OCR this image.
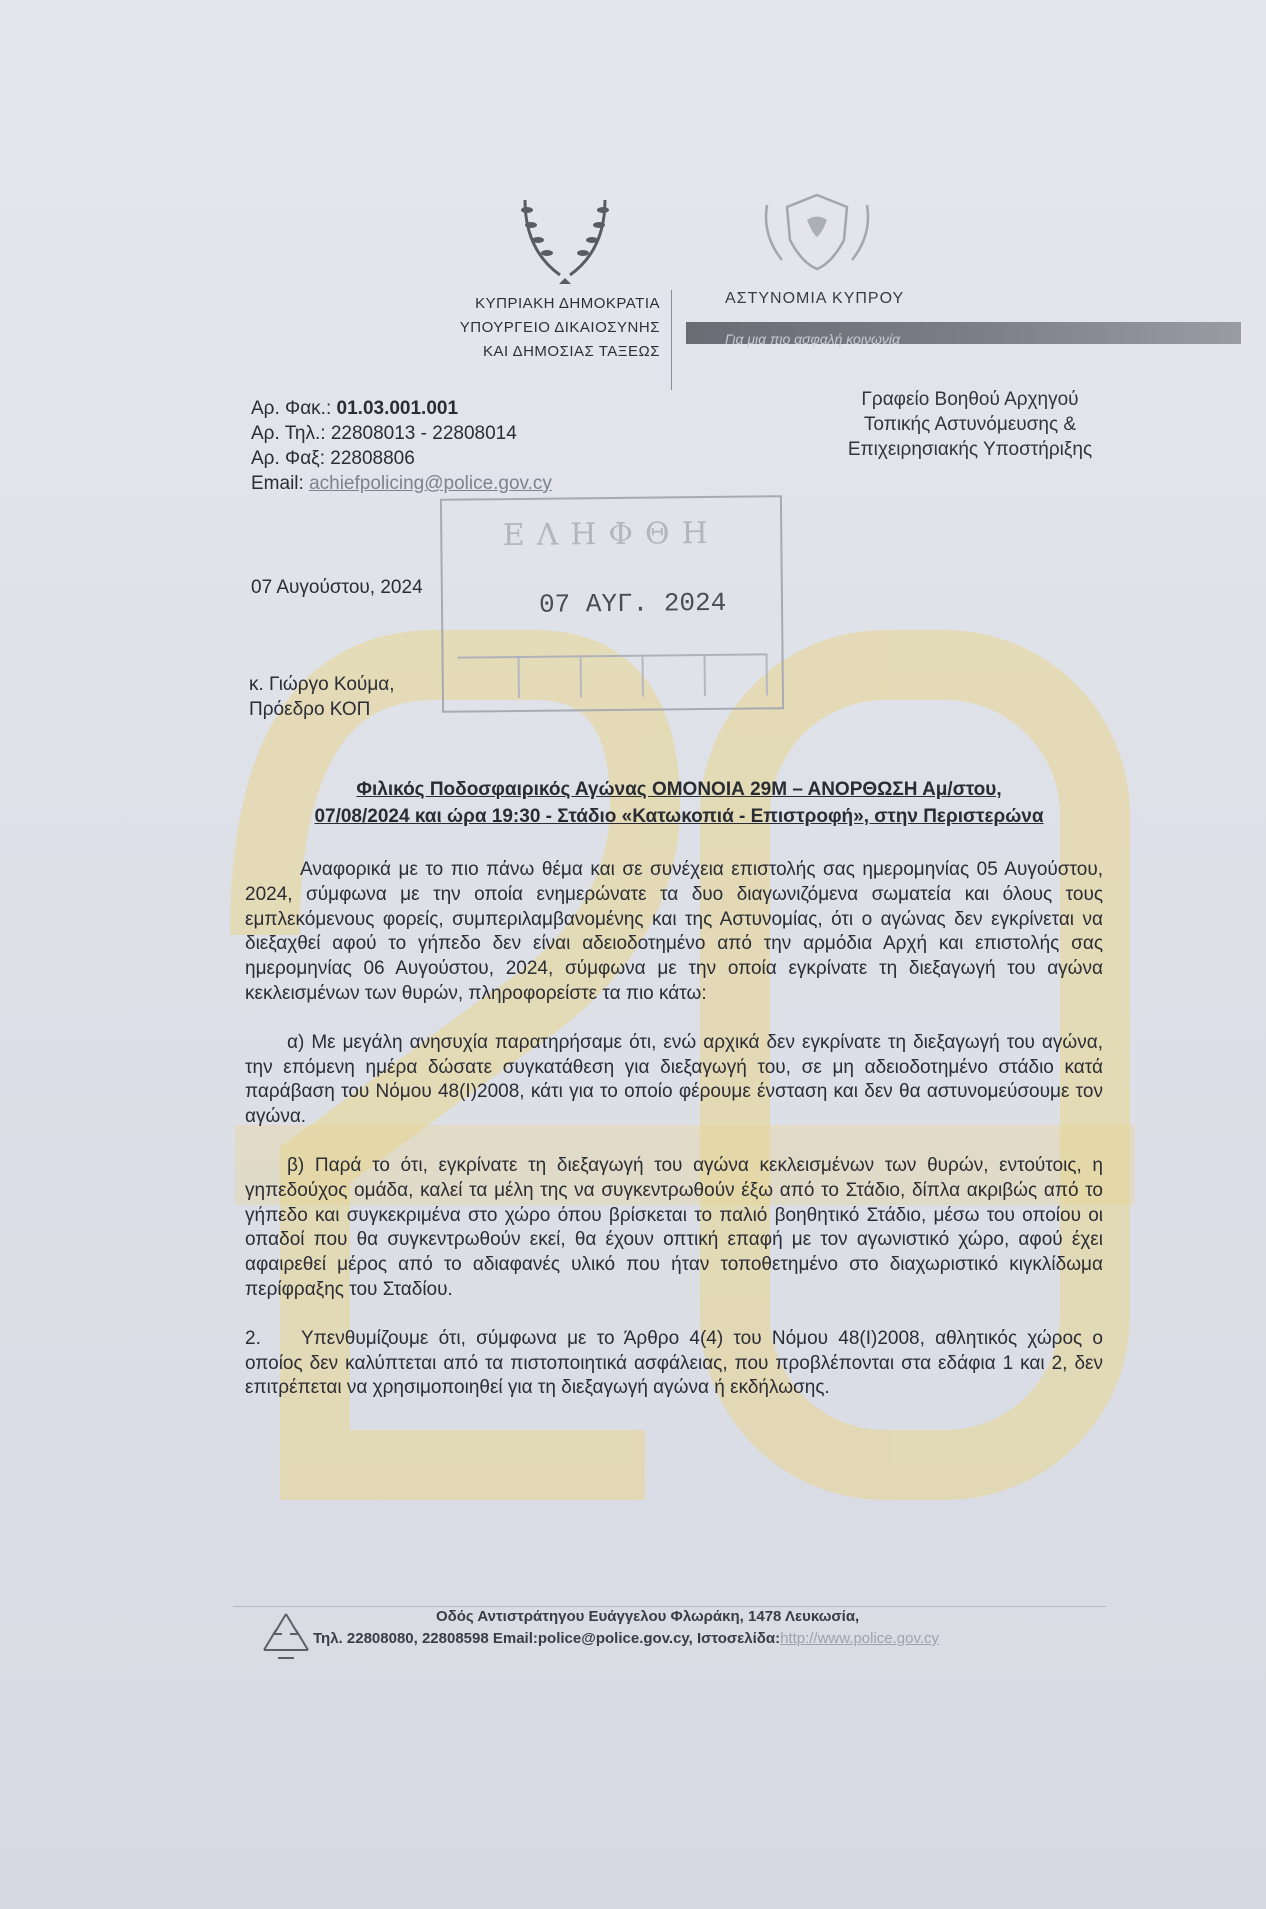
ΚΥΠΡΙΑΚΗ ΔΗΜΟΚΡΑΤΙΑ
ΥΠΟΥΡΓΕΙΟ ΔΙΚΑΙΟΣΥΝΗΣ
ΚΑΙ ΔΗΜΟΣΙΑΣ ΤΑΞΕΩΣ
ΑΣΤΥΝΟΜΙΑ ΚΥΠΡΟΥ
Για μια πιο ασφαλή κοινωνία
Αρ. Φακ.: 01.03.001.001
Αρ. Τηλ.: 22808013 - 22808014
Αρ. Φαξ: 22808806
Email: achiefpolicing@police.gov.cy
Γραφείο Βοηθού Αρχηγού
Τοπικής Αστυνόμευσης &
Επιχειρησιακής Υποστήριξης
ΕΛΗΦΘΗ
07 ΑΥΓ. 2024
07 Αυγούστου, 2024
κ. Γιώργο Κούμα,
Πρόεδρο ΚΟΠ
Φιλικός Ποδοσφαιρικός Αγώνας ΟΜΟΝΟΙΑ 29Μ – ΑΝΟΡΘΩΣΗ Αμ/στου,
07/08/2024 και ώρα 19:30 - Στάδιο «Κατωκοπιά - Επιστροφή», στην Περιστερώνα

Αναφορικά με το πιο πάνω θέμα και σε συνέχεια επιστολής σας ημερομηνίας 05 Αυγούστου, 2024, σύμφωνα με την οποία ενημερώνατε τα δυο διαγωνιζόμενα σωματεία και όλους τους εμπλεκόμενους φορείς, συμπεριλαμβανομένης και της Αστυνομίας, ότι ο αγώνας δεν εγκρίνεται να διεξαχθεί αφού το γήπεδο δεν είναι αδειοδοτημένο από την αρμόδια Αρχή και επιστολής σας ημερομηνίας 06 Αυγούστου, 2024, σύμφωνα με την οποία εγκρίνατε τη διεξαγωγή του αγώνα κεκλεισμένων των θυρών, πληροφορείστε τα πιο κάτω:

α) Με μεγάλη ανησυχία παρατηρήσαμε ότι, ενώ αρχικά δεν εγκρίνατε τη διεξαγωγή του αγώνα, την επόμενη ημέρα δώσατε συγκατάθεση για διεξαγωγή του, σε μη αδειοδοτημένο στάδιο κατά παράβαση του Νόμου 48(Ι)2008, κάτι για το οποίο φέρουμε ένσταση και δεν θα αστυνομεύσουμε τον αγώνα.

β) Παρά το ότι, εγκρίνατε τη διεξαγωγή του αγώνα κεκλεισμένων των θυρών, εντούτοις, η γηπεδούχος ομάδα, καλεί τα μέλη της να συγκεντρωθούν έξω από το Στάδιο, δίπλα ακριβώς από το γήπεδο και συγκεκριμένα στο χώρο όπου βρίσκεται το παλιό βοηθητικό Στάδιο, μέσω του οποίου οι οπαδοί που θα συγκεντρωθούν εκεί, θα έχουν οπτική επαφή με τον αγωνιστικό χώρο, αφού έχει αφαιρεθεί μέρος από το αδιαφανές υλικό που ήταν τοποθετημένο στο διαχωριστικό κιγκλίδωμα περίφραξης του Σταδίου.

2. Υπενθυμίζουμε ότι, σύμφωνα με το Άρθρο 4(4) του Νόμου 48(Ι)2008, αθλητικός χώρος ο οποίος δεν καλύπτεται από τα πιστοποιητικά ασφάλειας, που προβλέπονται στα εδάφια 1 και 2, δεν επιτρέπεται να χρησιμοποιηθεί για τη διεξαγωγή αγώνα ή εκδήλωσης.

Οδός Αντιστράτηγου Ευάγγελου Φλωράκη, 1478 Λευκωσία,
Τηλ. 22808080, 22808598 Email:police@police.gov.cy, Ιστοσελίδα:http://www.police.gov.cy
